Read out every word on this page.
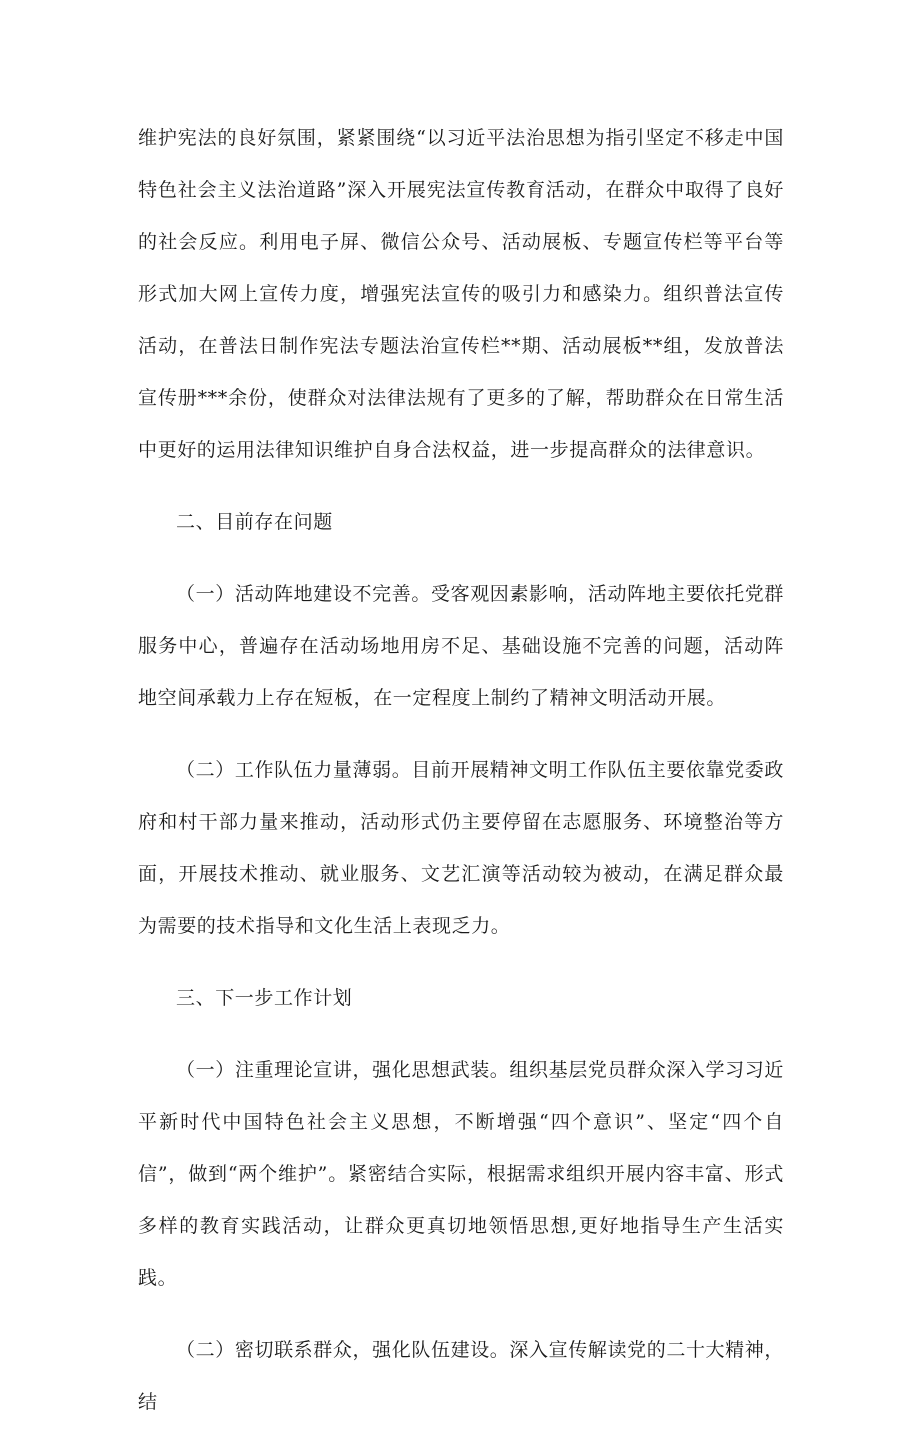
维护宪法的良好氛围，紧紧围绕“以习近平法治思想为指引坚定不移走中国特色社会主义法治道路”深入开展宪法宣传教育活动，在群众中取得了良好的社会反应。利用电子屏、微信公众号、活动展板、专题宣传栏等平台等形式加大网上宣传力度，增强宪法宣传的吸引力和感染力。组织普法宣传活动，在普法日制作宪法专题法治宣传栏**期、活动展板**组，发放普法宣传册***余份，使群众对法律法规有了更多的了解，帮助群众在日常生活中更好的运用法律知识维护自身合法权益，进一步提高群众的法律意识。

二、目前存在问题

（一）活动阵地建设不完善。受客观因素影响，活动阵地主要依托党群服务中心，普遍存在活动场地用房不足、基础设施不完善的问题，活动阵地空间承载力上存在短板，在一定程度上制约了精神文明活动开展。

（二）工作队伍力量薄弱。目前开展精神文明工作队伍主要依靠党委政府和村干部力量来推动，活动形式仍主要停留在志愿服务、环境整治等方面，开展技术推动、就业服务、文艺汇演等活动较为被动，在满足群众最为需要的技术指导和文化生活上表现乏力。

三、下一步工作计划

（一）注重理论宣讲，强化思想武装。组织基层党员群众深入学习习近平新时代中国特色社会主义思想，不断增强“四个意识”、坚定“四个自信”，做到“两个维护”。紧密结合实际，根据需求组织开展内容丰富、形式多样的教育实践活动，让群众更真切地领悟思想,更好地指导生产生活实践。

（二）密切联系群众，强化队伍建设。深入宣传解读党的二十大精神，结
